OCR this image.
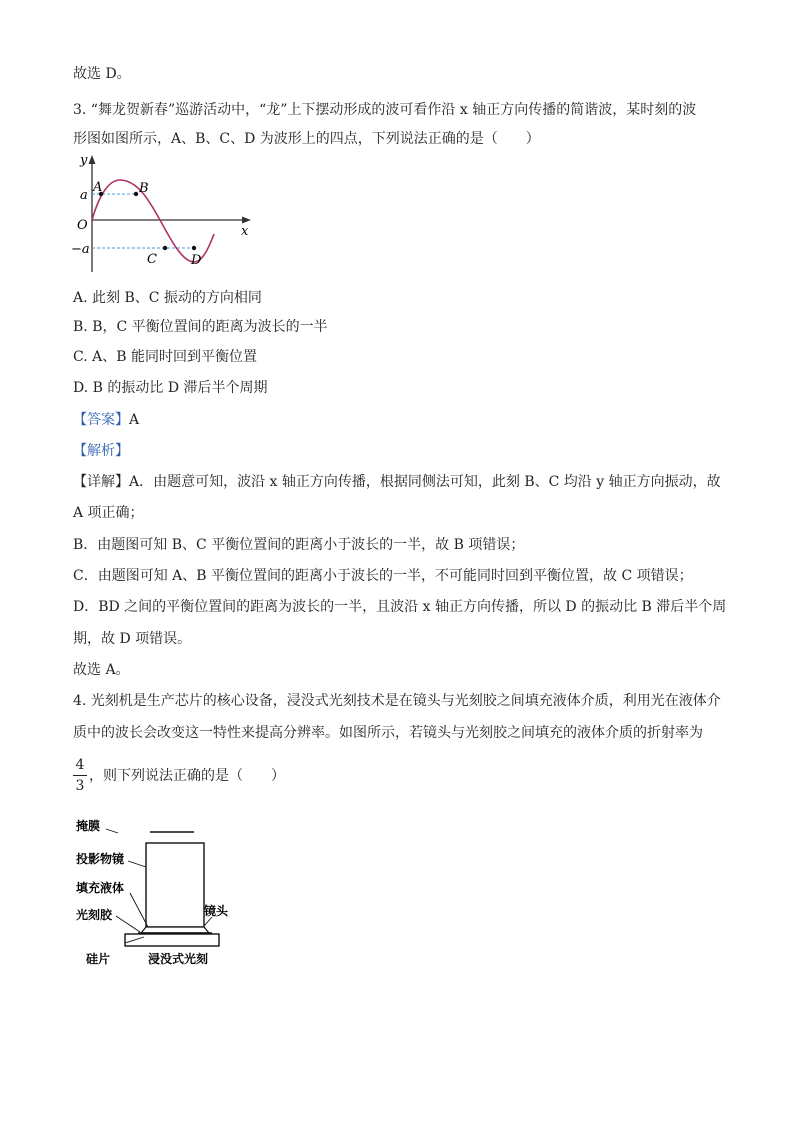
故选 D。
3. “舞龙贺新春”巡游活动中，“龙”上下摆动形成的波可看作沿 x 轴正方向传播的简谐波，某时刻的波
形图如图所示，A、B、C、D 为波形上的四点，下列说法正确的是（　　）
y
x
O
a
−a
A	B
C	D
A. 此刻 B、C 振动的方向相同
B. B，C 平衡位置间的距离为波长的一半
C. A、B 能同时回到平衡位置
D. B 的振动比 D 滞后半个周期
【答案】A
【解析】
【详解】A．由题意可知，波沿 x 轴正方向传播，根据同侧法可知，此刻 B、C 均沿 y 轴正方向振动，故
A 项正确；
B．由题图可知 B、C 平衡位置间的距离小于波长的一半，故 B 项错误；
C．由题图可知 A、B 平衡位置间的距离小于波长的一半，不可能同时回到平衡位置，故 C 项错误；
D．BD 之间的平衡位置间的距离为波长的一半，且波沿 x 轴正方向传播，所以 D 的振动比 B 滞后半个周
期，故 D 项错误。
故选 A。
4. 光刻机是生产芯片的核心设备，浸没式光刻技术是在镜头与光刻胶之间填充液体介质，利用光在液体介
质中的波长会改变这一特性来提高分辨率。如图所示，若镜头与光刻胶之间填充的液体介质的折射率为
4
3
，则下列说法正确的是（　　）
掩膜
投影物镜
填充液体
光刻胶	镜头
硅片	浸没式光刻
